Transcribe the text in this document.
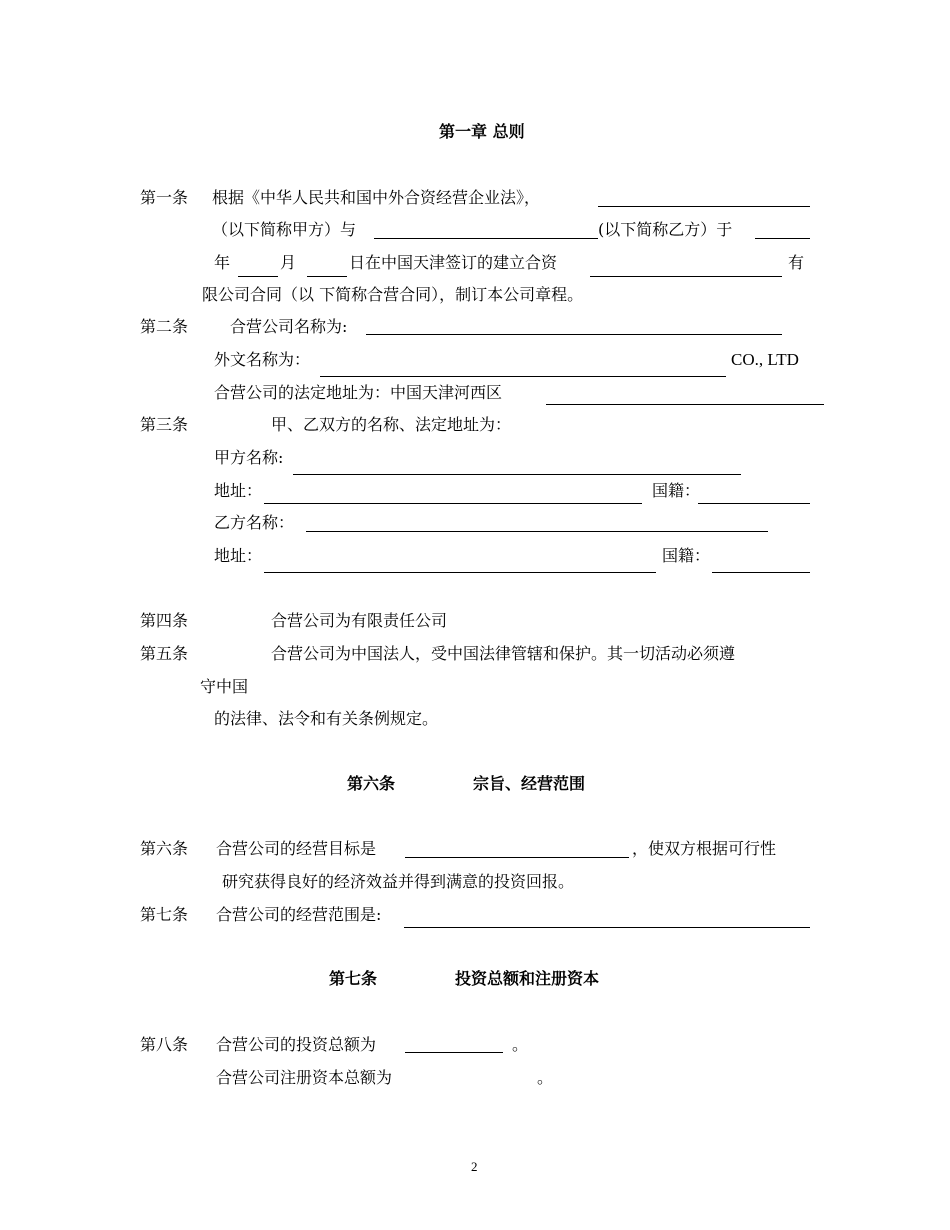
第一章 总则
第一条 根据《中华人民共和国中外合资经营企业法》，
（以下简称甲方）与	(以下简称乙方）于
年	月	日在中国天津签订的建立合资	有
限公司合同（以 下简称合营合同），制订本公司章程。
第二条	合营公司名称为:
外文名称为：	CO., LTD
合营公司的法定地址为：中国天津河西区
第三条	甲、乙双方的名称、法定地址为：
甲方名称:
地址：	国籍：
乙方名称：
地址：	国籍：
第四条	合营公司为有限责任公司
第五条	合营公司为中国法人，受中国法律管辖和保护。其一切活动必须遵
守中国
的法律、法令和有关条例规定。
第六条	宗旨、经营范围
第六条 合营公司的经营目标是	，使双方根据可行性
研究获得良好的经济效益并得到满意的投资回报。
第七条 合营公司的经营范围是:
第七条	投资总额和注册资本
第八条 合营公司的投资总额为	。
合营公司注册资本总额为	。
2
